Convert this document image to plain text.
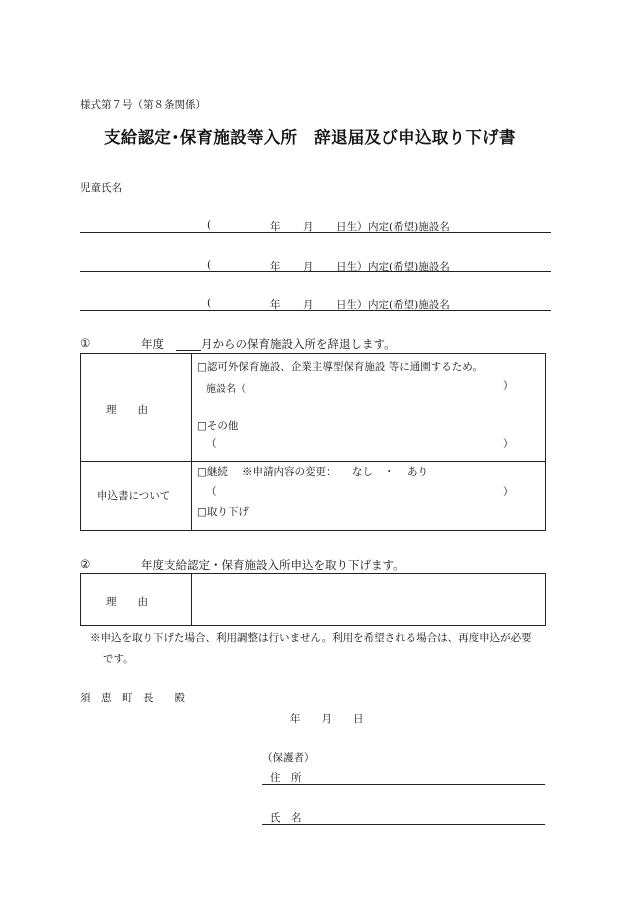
様式第７号（第８条関係）
支給認定･保育施設等入所　辞退届及び申込取り下げ書
児童氏名
(	年 月 日生） 内定(希望)施設名
(	年 月 日生） 内定(希望)施設名
(	年 月 日生） 内定(希望)施設名
①	年度	月からの保育施設入所を辞退します。
理　　由
□認可外保育施設、企業主導型保育施設 等に通園するため。
施設名（	）
□その他
（	）
申込書について
□継続 ※申請内容の変更： なし ・ あり
（	）
□取り下げ
②	年度支給認定・保育施設入所申込を取り下げます。
理　　由
※申込を取り下げた場合、利用調整は行いません。利用を希望される場合は、再度申込が必要
です。
須　恵　町　長　　殿
年　　月　　日
（保護者）
住　所
氏　名
